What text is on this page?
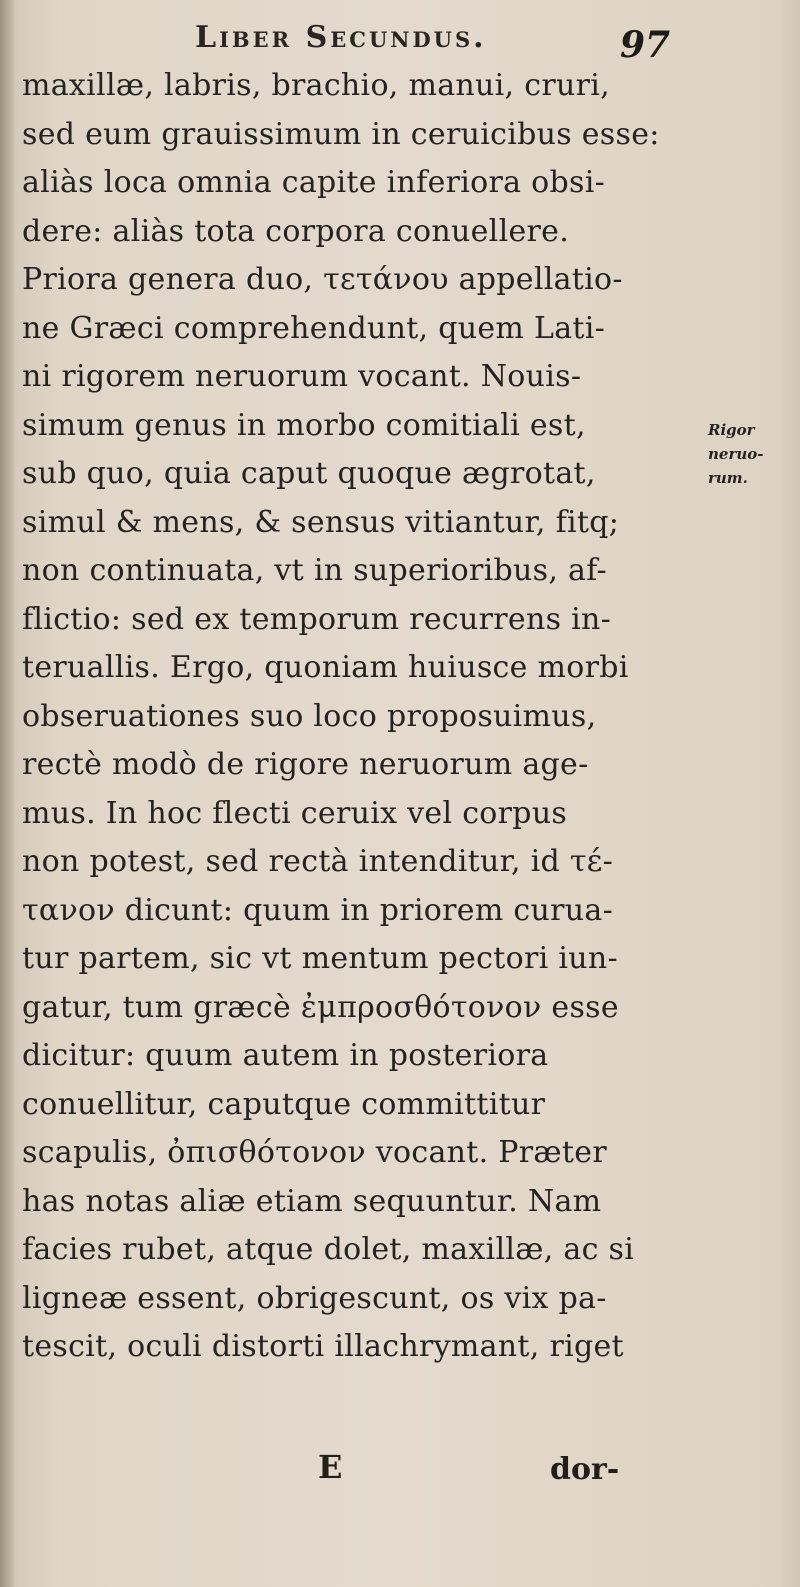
Liber Secundus.	97
maxillæ, labris, brachio, manui, cruri,
sed eum grauissimum in ceruicibus esse:
aliàs loca omnia capite inferiora obsi-
dere: aliàs tota corpora conuellere.
Priora genera duo, τετάνου appellatio-
ne Græci comprehendunt, quem Lati-
ni rigorem neruorum vocant. Nouis-
simum genus in morbo comitiali est,
sub quo, quia caput quoque ægrotat,
simul & mens, & sensus vitiantur, fitq;
non continuata, vt in superioribus, af-
flictio: sed ex temporum recurrens in-
teruallis. Ergo, quoniam huiusce morbi
obseruationes suo loco proposuimus,
rectè modò de rigore neruorum age-
mus. In hoc flecti ceruix vel corpus
non potest, sed rectà intenditur, id τέ-
τανον dicunt: quum in priorem curua-
tur partem, sic vt mentum pectori iun-
gatur, tum græcè ἐμπροσθότονον esse
dicitur: quum autem in posteriora
conuellitur, caputque committitur
scapulis, ὀπισθότονον vocant. Præter
has notas aliæ etiam sequuntur. Nam
facies rubet, atque dolet, maxillæ, ac si
ligneæ essent, obrigescunt, os vix pa-
tescit, oculi distorti illachrymant, riget
Rigor
neruo-
rum.
E	dor-
